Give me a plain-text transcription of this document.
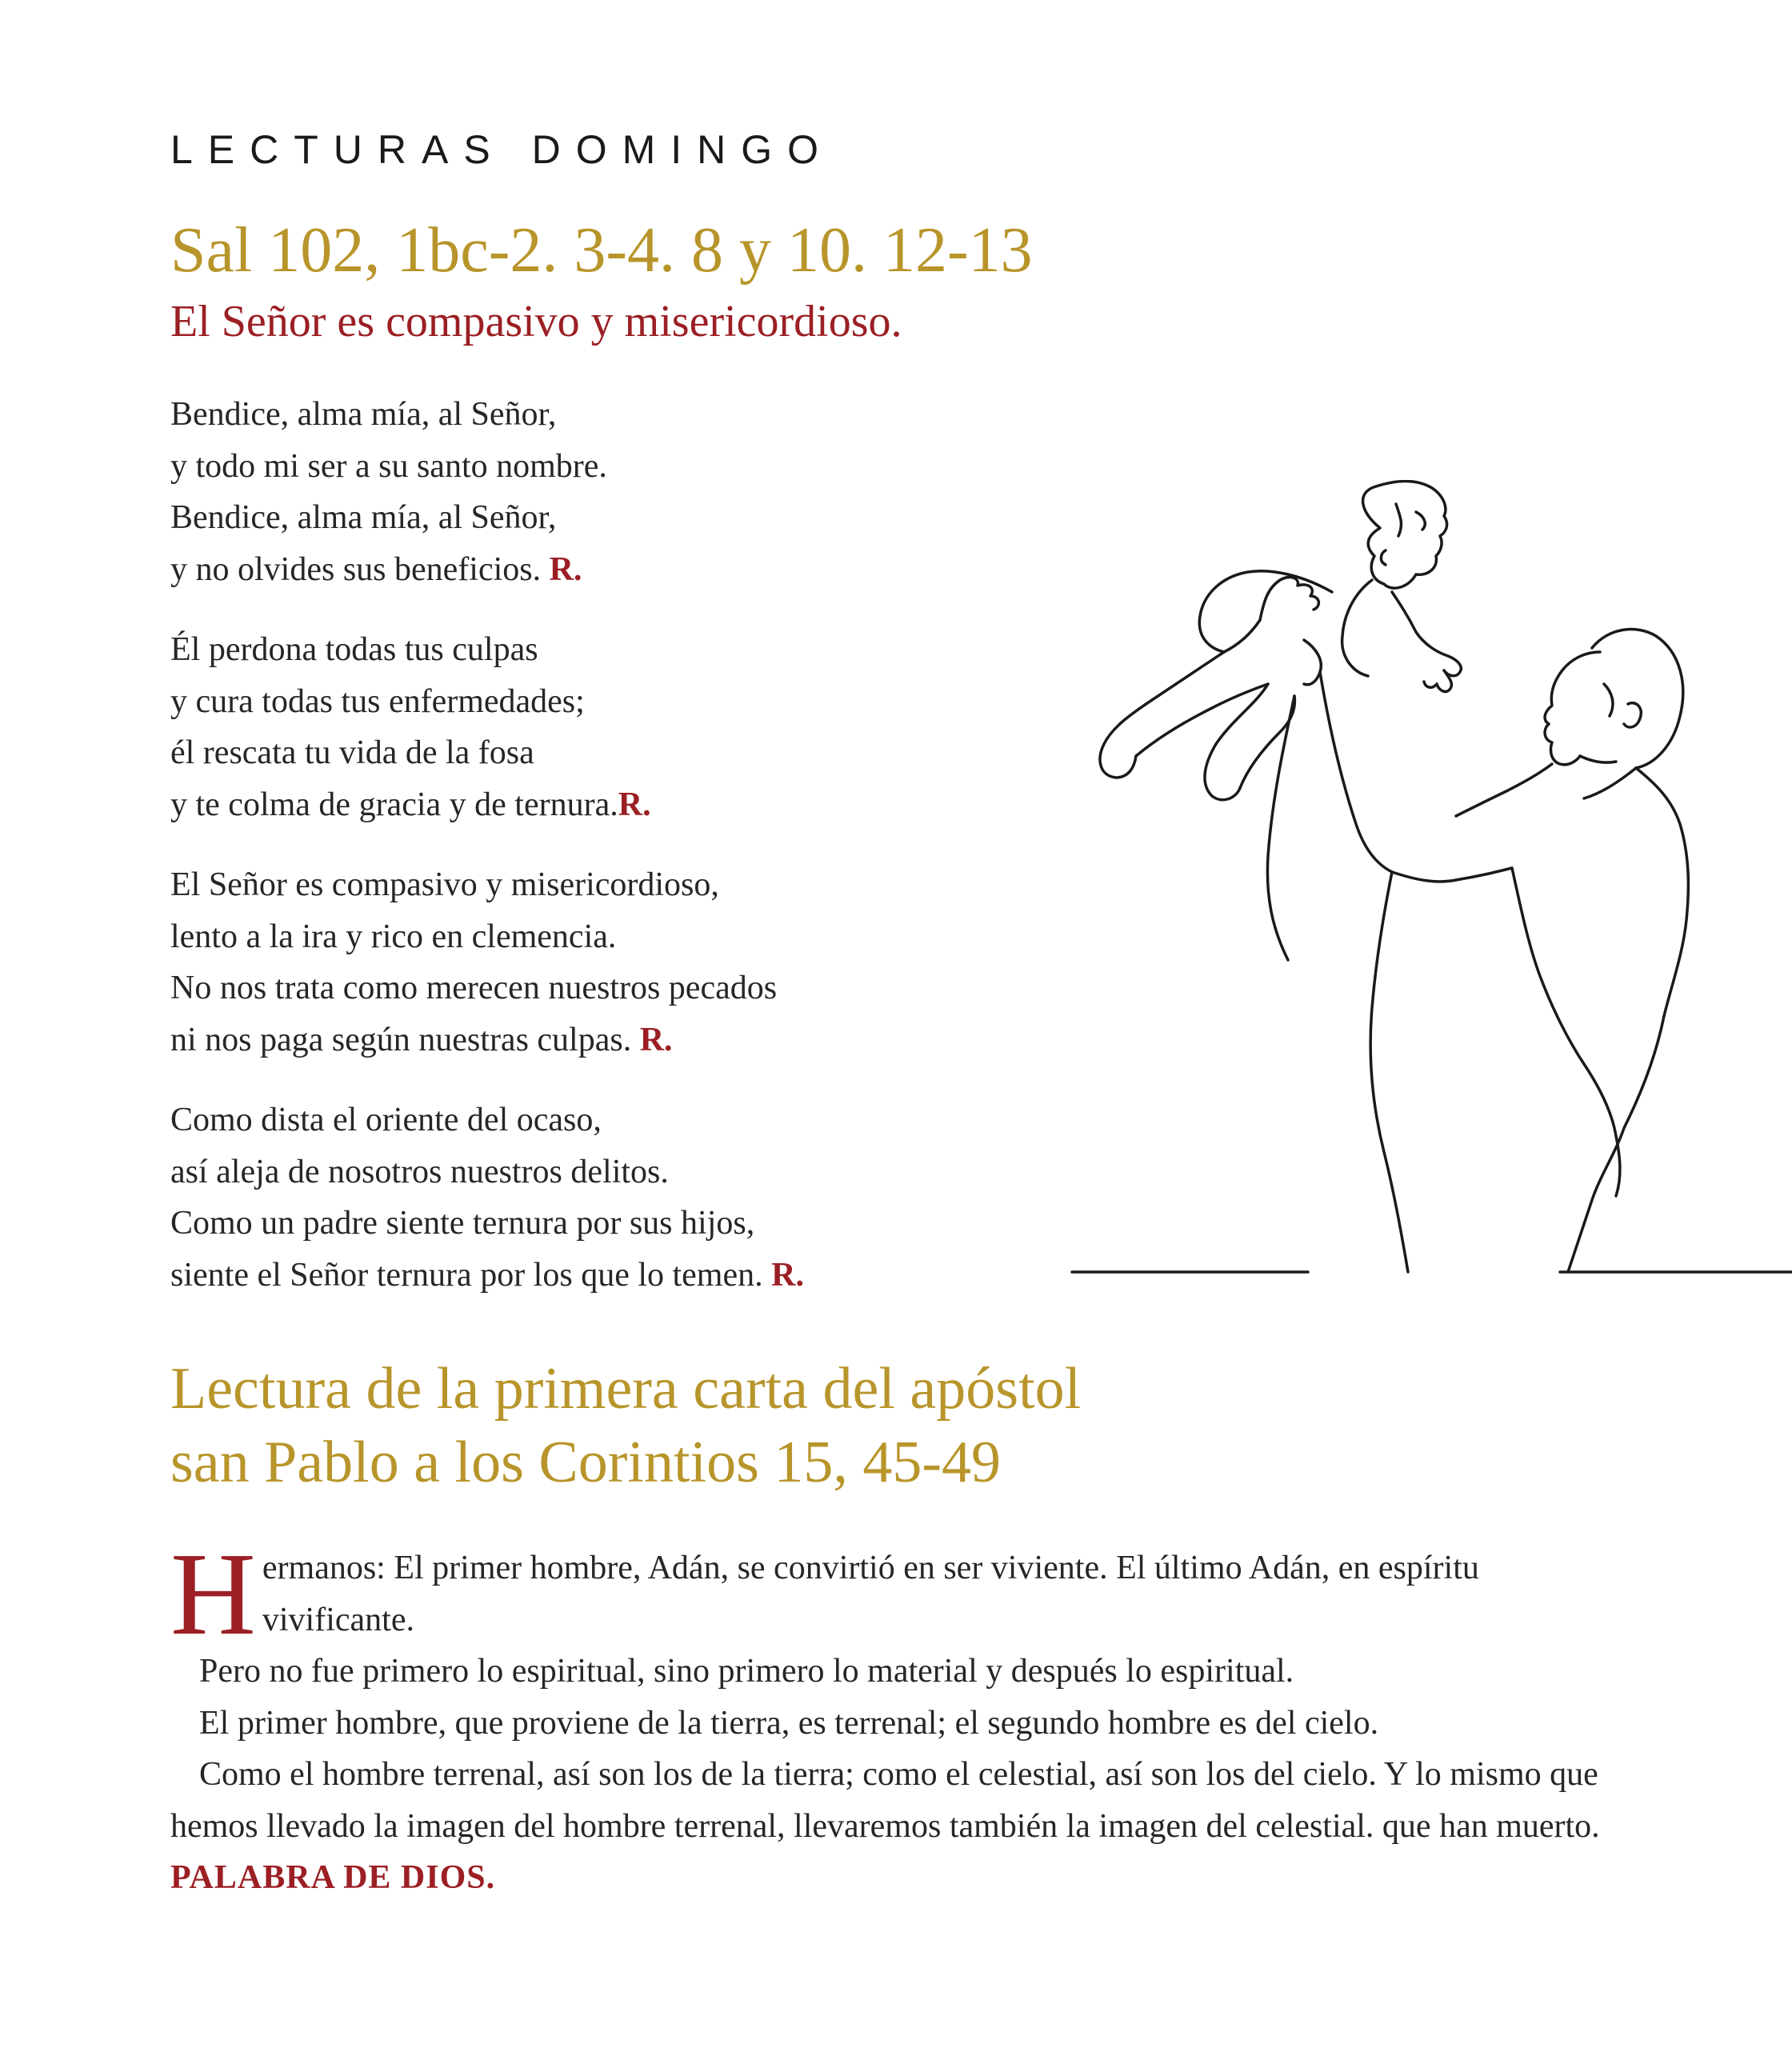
LECTURAS DOMINGO
Sal 102, 1bc-2. 3-4. 8 y 10. 12-13
El Señor es compasivo y misericordioso.
Bendice, alma mía, al Señor,
y todo mi ser a su santo nombre.
Bendice, alma mía, al Señor,
y no olvides sus beneficios. R.
Él perdona todas tus culpas
y cura todas tus enfermedades;
él rescata tu vida de la fosa
y te colma de gracia y de ternura.R.
El Señor es compasivo y misericordioso,
lento a la ira y rico en clemencia.
No nos trata como merecen nuestros pecados
ni nos paga según nuestras culpas. R.
Como dista el oriente del ocaso,
así aleja de nosotros nuestros delitos.
Como un padre siente ternura por sus hijos,
siente el Señor ternura por los que lo temen. R.
Lectura de la primera carta del apóstol
san Pablo a los Corintios 15, 45-49

Hermanos: El primer hombre, Adán, se convirtió en ser viviente. El último Adán, en espíritu vivificante.

Pero no fue primero lo espiritual, sino primero lo material y después lo espiritual.

El primer hombre, que proviene de la tierra, es terrenal; el segundo hombre es del cielo.

Como el hombre terrenal, así son los de la tierra; como el celestial, así son los del cielo. Y lo mismo que hemos llevado la imagen del hombre terrenal, llevaremos también la imagen del celestial. que han muerto. PALABRA DE DIOS.
